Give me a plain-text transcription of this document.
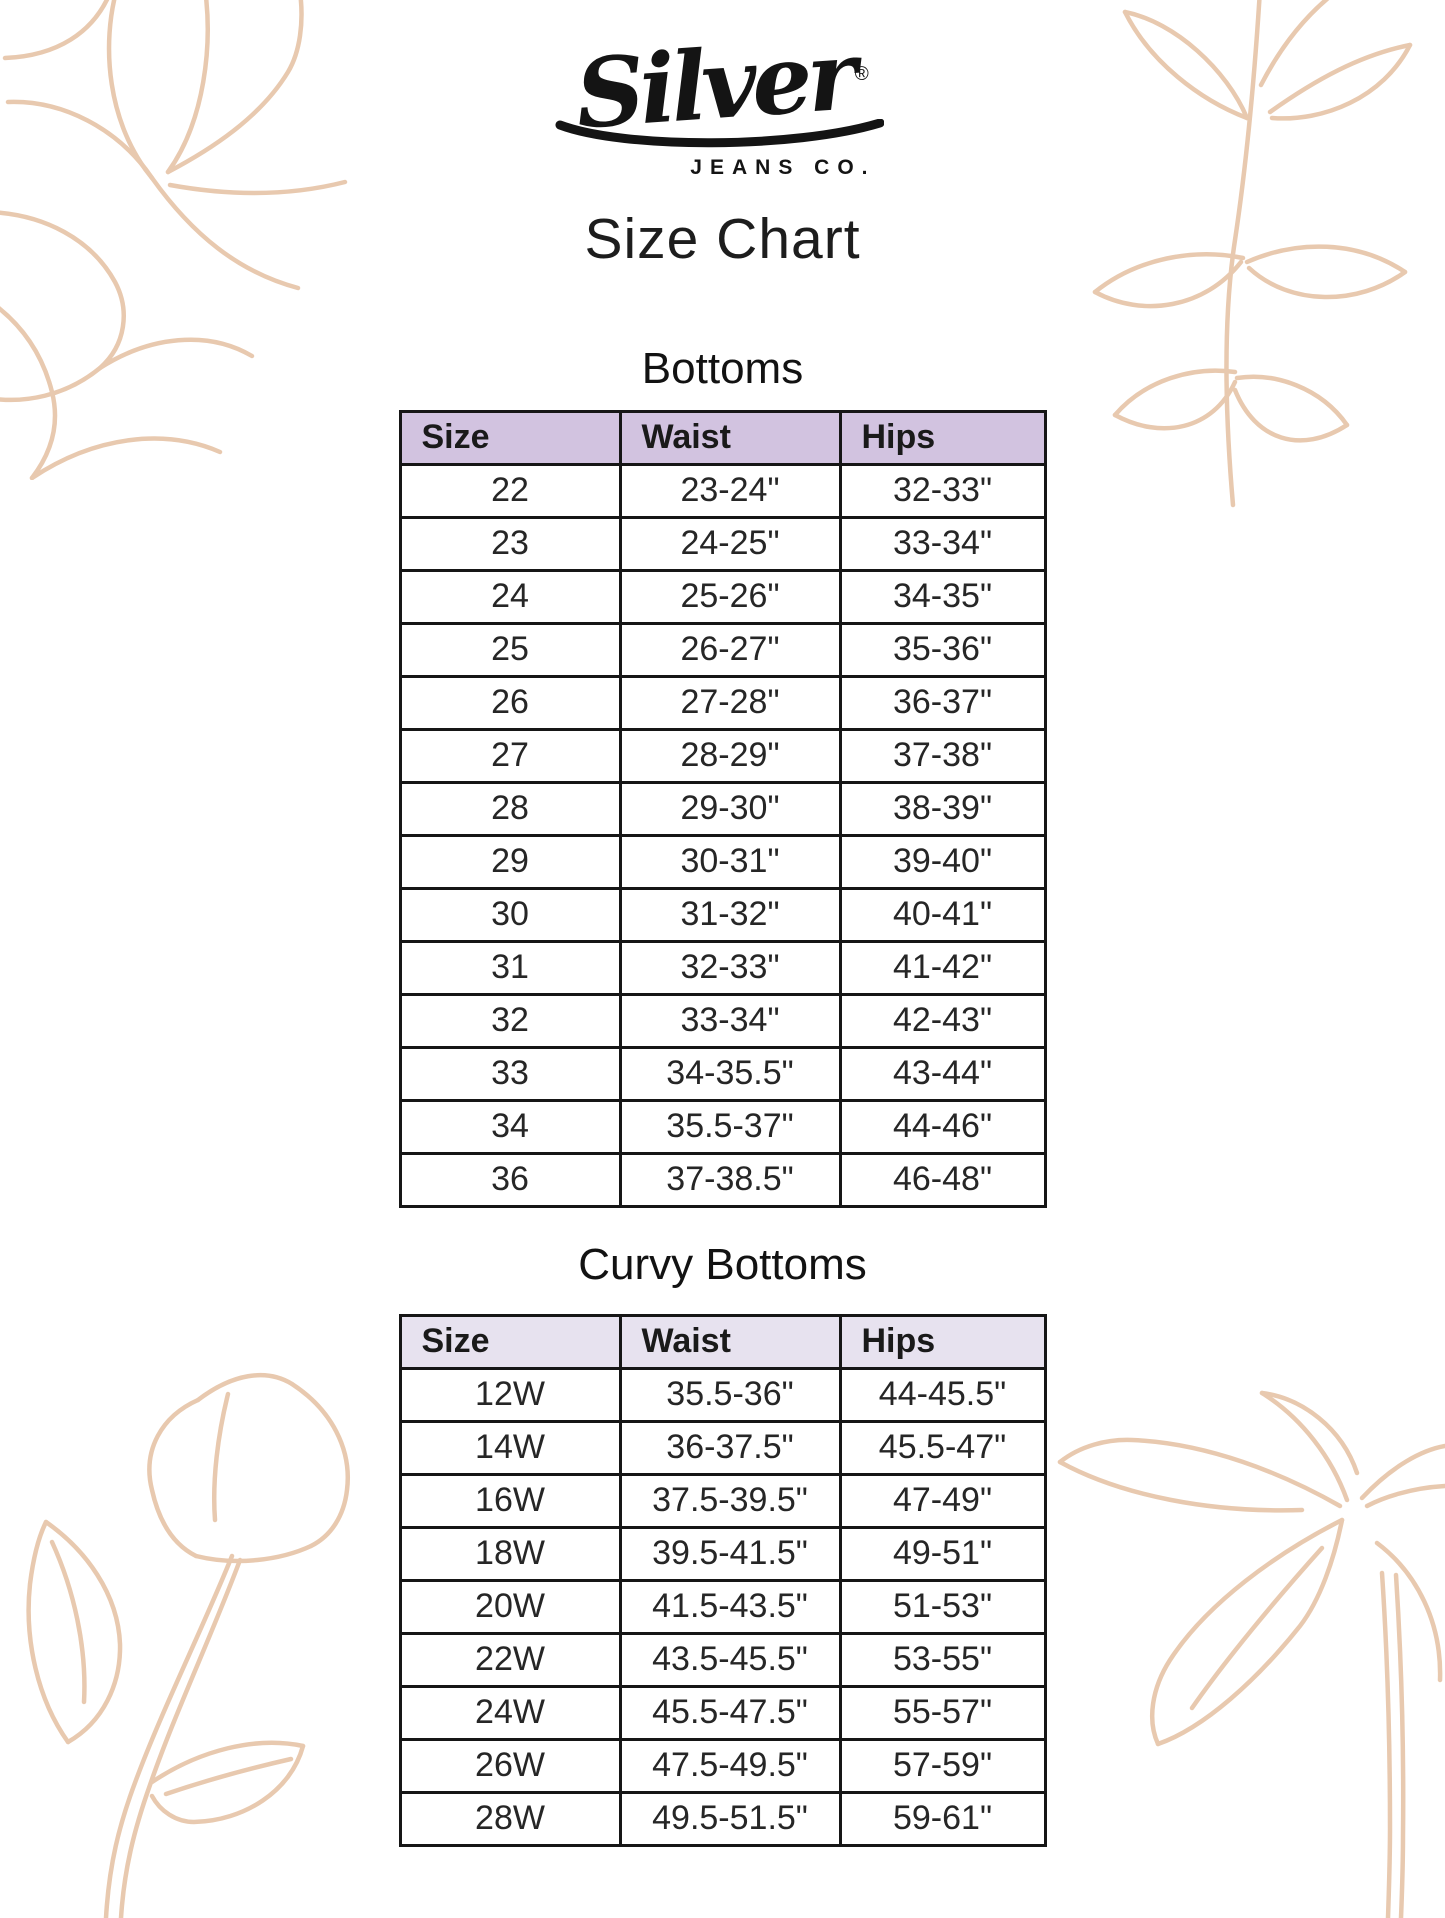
Silver®
JEANS CO.
Size Chart
Bottoms
Size	Waist	Hips
22	23-24"	32-33"
23	24-25"	33-34"
24	25-26"	34-35"
25	26-27"	35-36"
26	27-28"	36-37"
27	28-29"	37-38"
28	29-30"	38-39"
29	30-31"	39-40"
30	31-32"	40-41"
31	32-33"	41-42"
32	33-34"	42-43"
33	34-35.5"	43-44"
34	35.5-37"	44-46"
36	37-38.5"	46-48"
Curvy Bottoms
Size	Waist	Hips
12W	35.5-36"	44-45.5"
14W	36-37.5"	45.5-47"
16W	37.5-39.5"	47-49"
18W	39.5-41.5"	49-51"
20W	41.5-43.5"	51-53"
22W	43.5-45.5"	53-55"
24W	45.5-47.5"	55-57"
26W	47.5-49.5"	57-59"
28W	49.5-51.5"	59-61"
